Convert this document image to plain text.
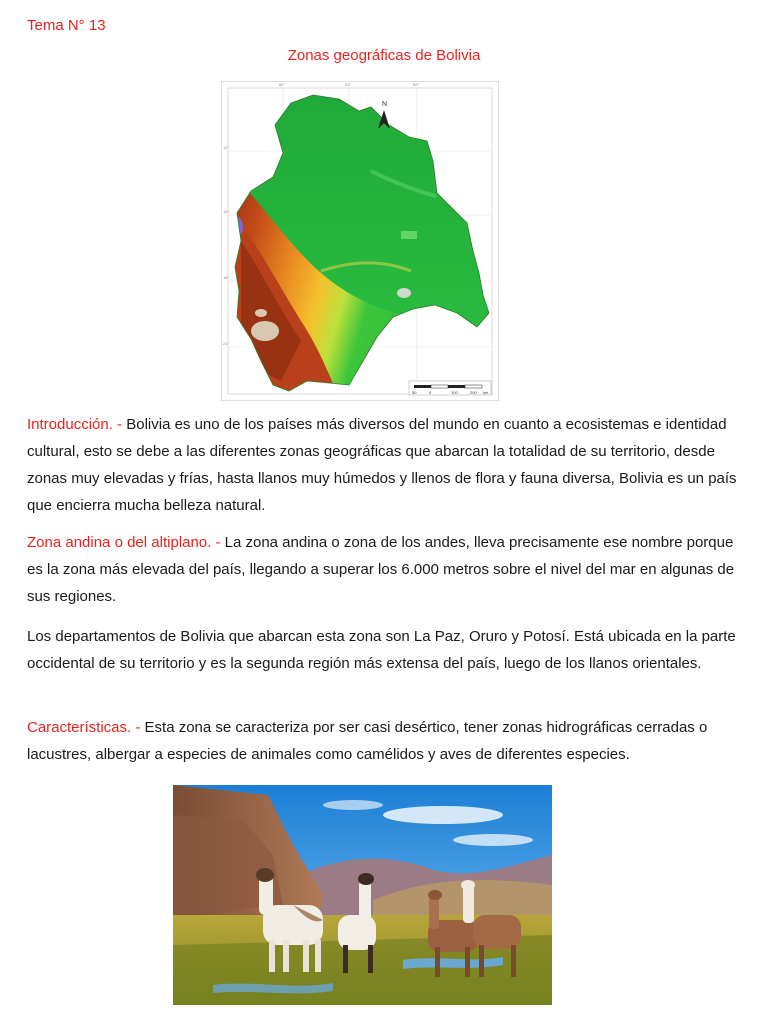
Tema N° 13
Zonas geográficas de Bolivia
N
50	0	100	200 km
12°
15°
18°
21°
66°	63°	60°

Introducción. - Bolivia es uno de los países más diversos del mundo en cuanto a ecosistemas e identidad cultural, esto se debe a las diferentes zonas geográficas que abarcan la totalidad de su territorio, desde zonas muy elevadas y frías, hasta llanos muy húmedos y llenos de flora y fauna diversa, Bolivia es un país que encierra mucha belleza natural.

Zona andina o del altiplano. - La zona andina o zona de los andes, lleva precisamente ese nombre porque es la zona más elevada del país, llegando a superar los 6.000 metros sobre el nivel del mar en algunas de sus regiones.

Los departamentos de Bolivia que abarcan esta zona son La Paz, Oruro y Potosí. Está ubicada en la parte occidental de su territorio y es la segunda región más extensa del país, luego de los llanos orientales.

Características. - Esta zona se caracteriza por ser casi desértico, tener zonas hidrográficas cerradas o lacustres, albergar a especies de animales como camélidos y aves de diferentes especies.
